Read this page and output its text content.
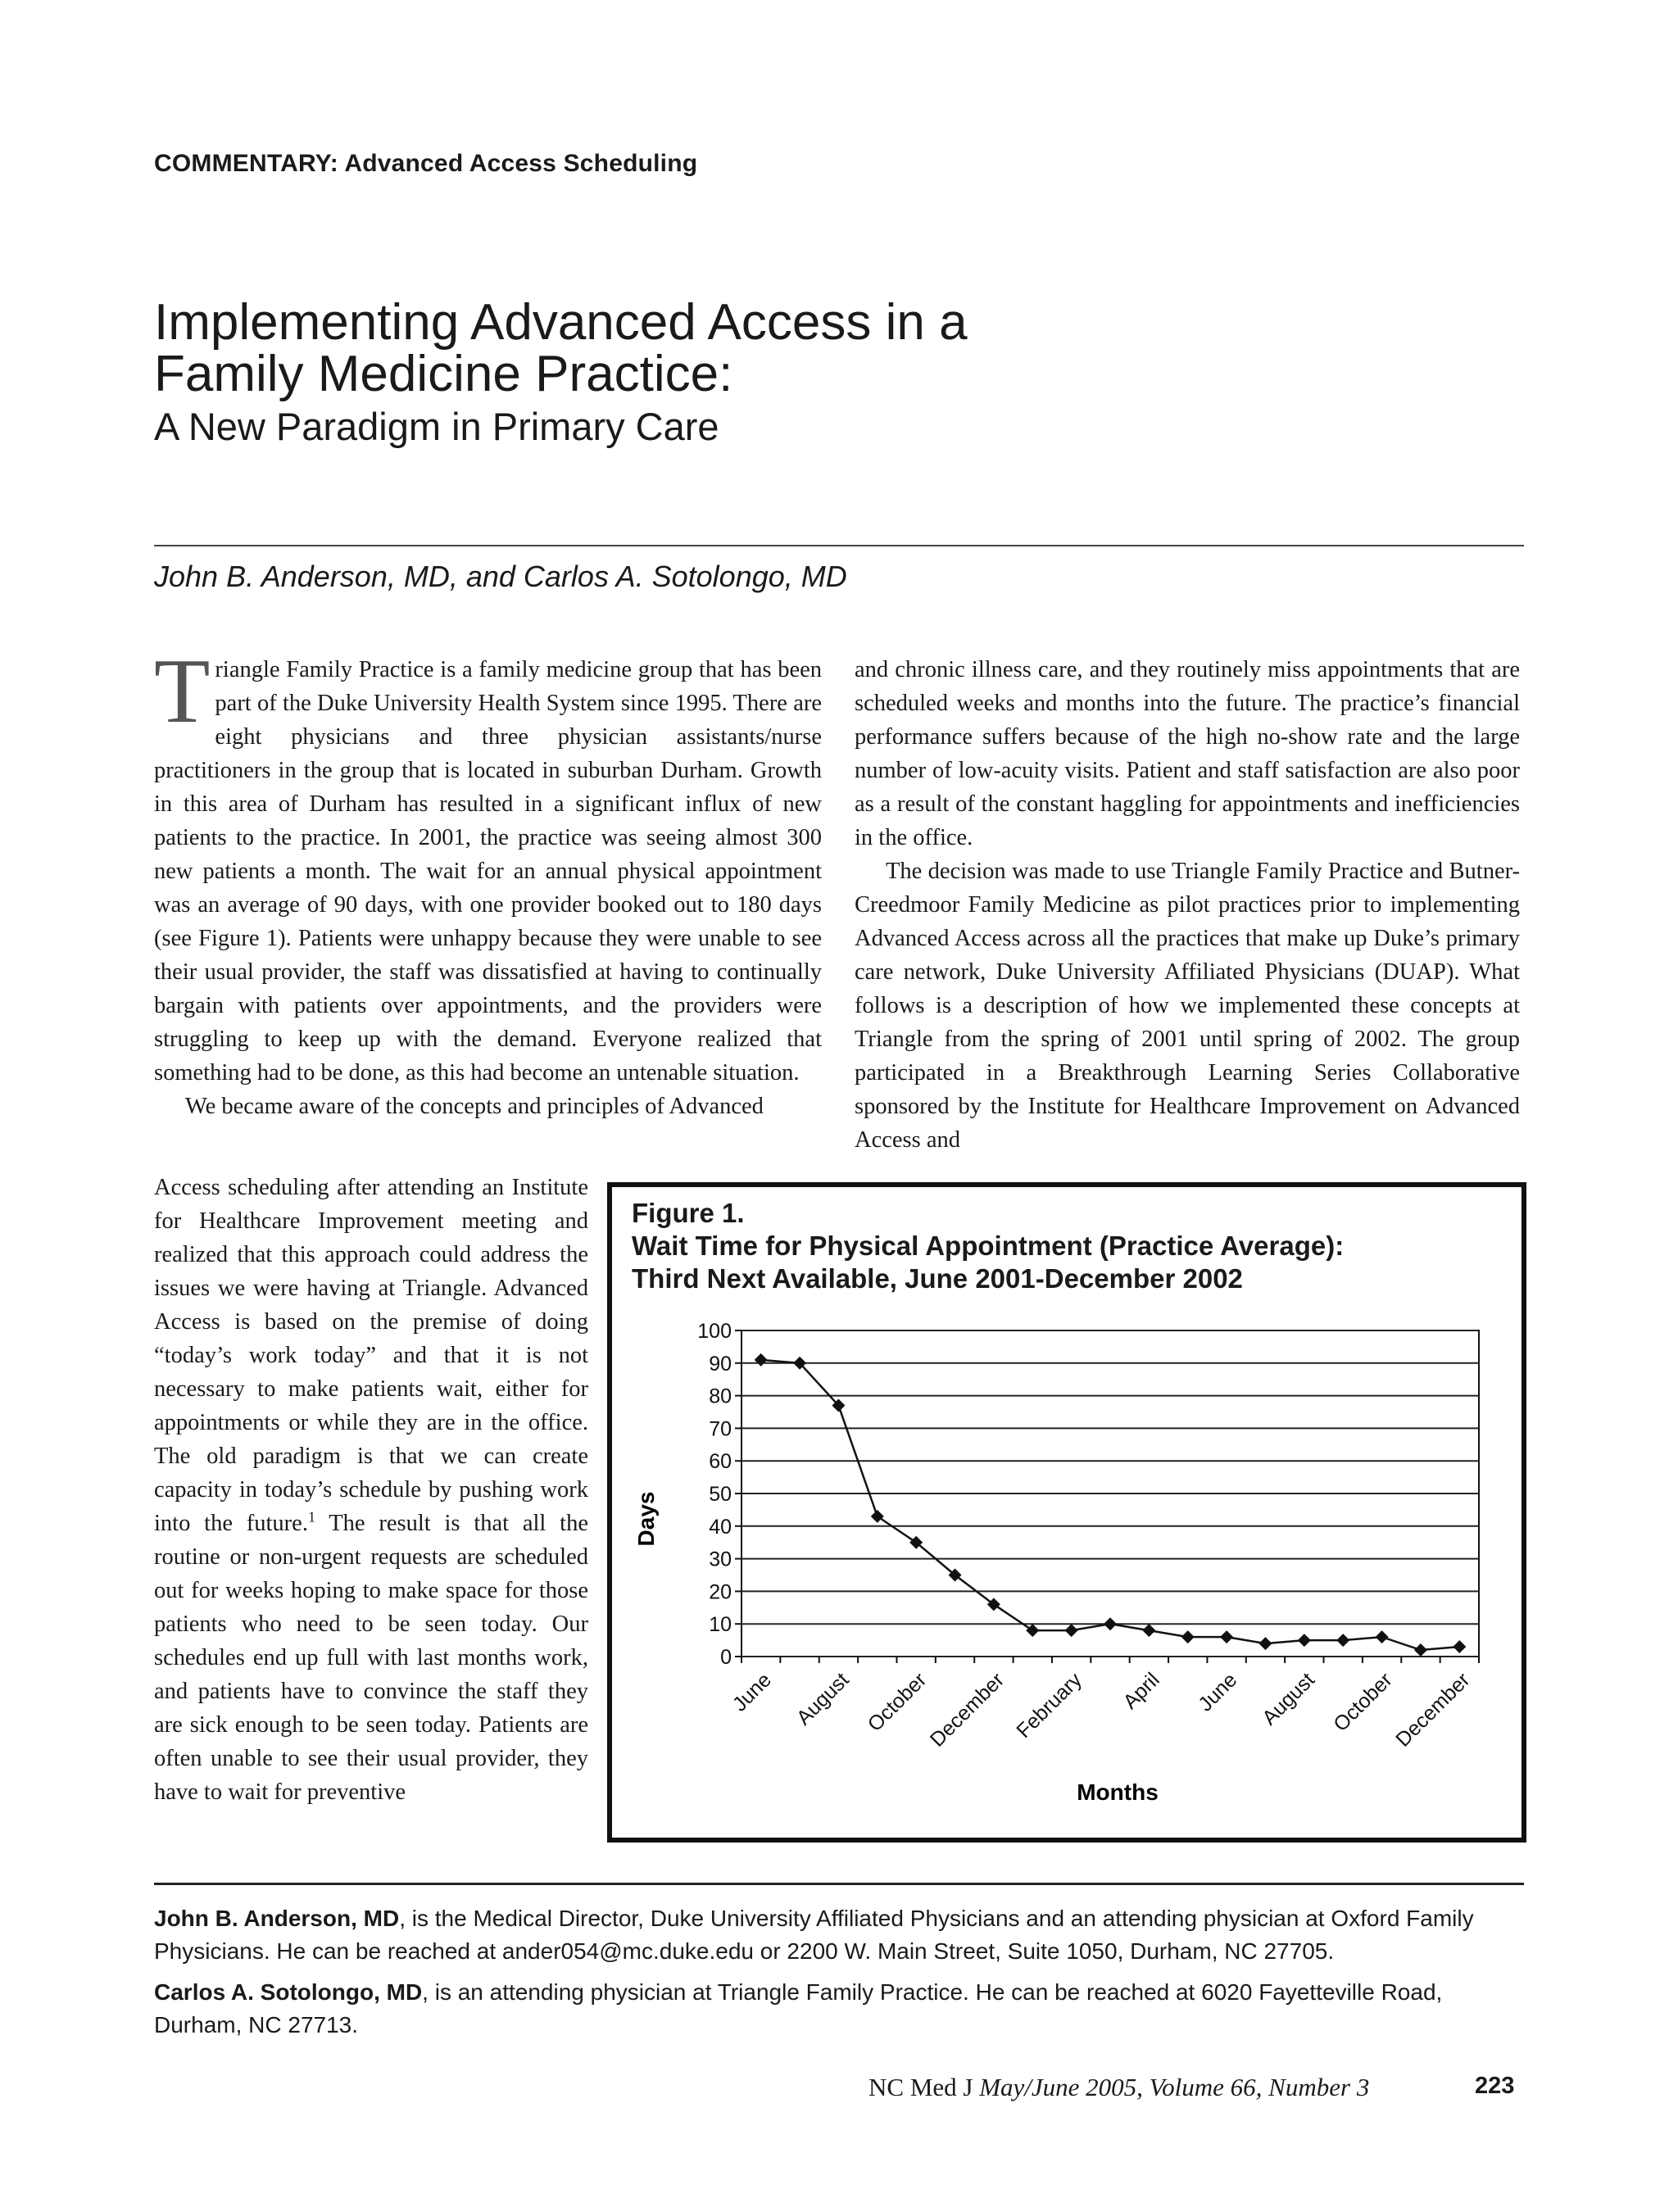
COMMENTARY: Advanced Access Scheduling
Implementing Advanced Access in a
Family Medicine Practice:
A New Paradigm in Primary Care
John B. Anderson, MD, and Carlos A. Sotolongo, MD

Triangle Family Practice is a family medicine group that has been part of the Duke University Health System since 1995. There are eight physicians and three physician assistants/nurse practitioners in the group that is located in suburban Durham. Growth in this area of Durham has resulted in a significant influx of new patients to the practice. In 2001, the practice was seeing almost 300 new patients a month. The wait for an annual physical appointment was an average of 90 days, with one provider booked out to 180 days (see Figure 1). Patients were unhappy because they were unable to see their usual provider, the staff was dissatisfied at having to continually bargain with patients over appointments, and the providers were struggling to keep up with the demand. Everyone realized that something had to be done, as this had become an untenable situation.

We became aware of the concepts and principles of Advanced

Access scheduling after attending an Institute for Healthcare Improvement meeting and realized that this approach could address the issues we were having at Triangle. Advanced Access is based on the premise of doing “today’s work today” and that it is not necessary to make patients wait, either for appointments or while they are in the office. The old paradigm is that we can create capacity in today’s schedule by pushing work into the future.$^1$ The result is that all the routine or non-urgent requests are scheduled out for weeks hoping to make space for those patients who need to be seen today. Our schedules end up full with last months work, and patients have to convince the staff they are sick enough to be seen today. Patients are often unable to see their usual provider, they have to wait for preventive

and chronic illness care, and they routinely miss appointments that are scheduled weeks and months into the future. The practice’s financial performance suffers because of the high no-show rate and the large number of low-acuity visits. Patient and staff satisfaction are also poor as a result of the constant haggling for appointments and inefficiencies in the office.

The decision was made to use Triangle Family Practice and Butner-Creedmoor Family Medicine as pilot practices prior to implementing Advanced Access across all the practices that make up Duke’s primary care network, Duke University Affiliated Physicians (DUAP). What follows is a description of how we implemented these concepts at Triangle from the spring of 2001 until spring of 2002. The group participated in a Breakthrough Learning Series Collaborative sponsored by the Institute for Healthcare Improvement on Advanced Access and

Figure 1.
Wait Time for Physical Appointment (Practice Average):
Third Next Available, June 2001-December 2002
0
10
20
30
40
50
60
70
80
90
100
June August October
December February April June August October
December
Days
Months
John B. Anderson, MD, is the Medical Director, Duke University Affiliated Physicians and an attending physician at Oxford Family Physicians. He can be reached at ander054@mc.duke.edu or 2200 W. Main Street, Suite 1050, Durham, NC 27705.
Carlos A. Sotolongo, MD, is an attending physician at Triangle Family Practice. He can be reached at 6020 Fayetteville Road, Durham, NC 27713.
NC Med J May/June 2005, Volume 66, Number 3	223
